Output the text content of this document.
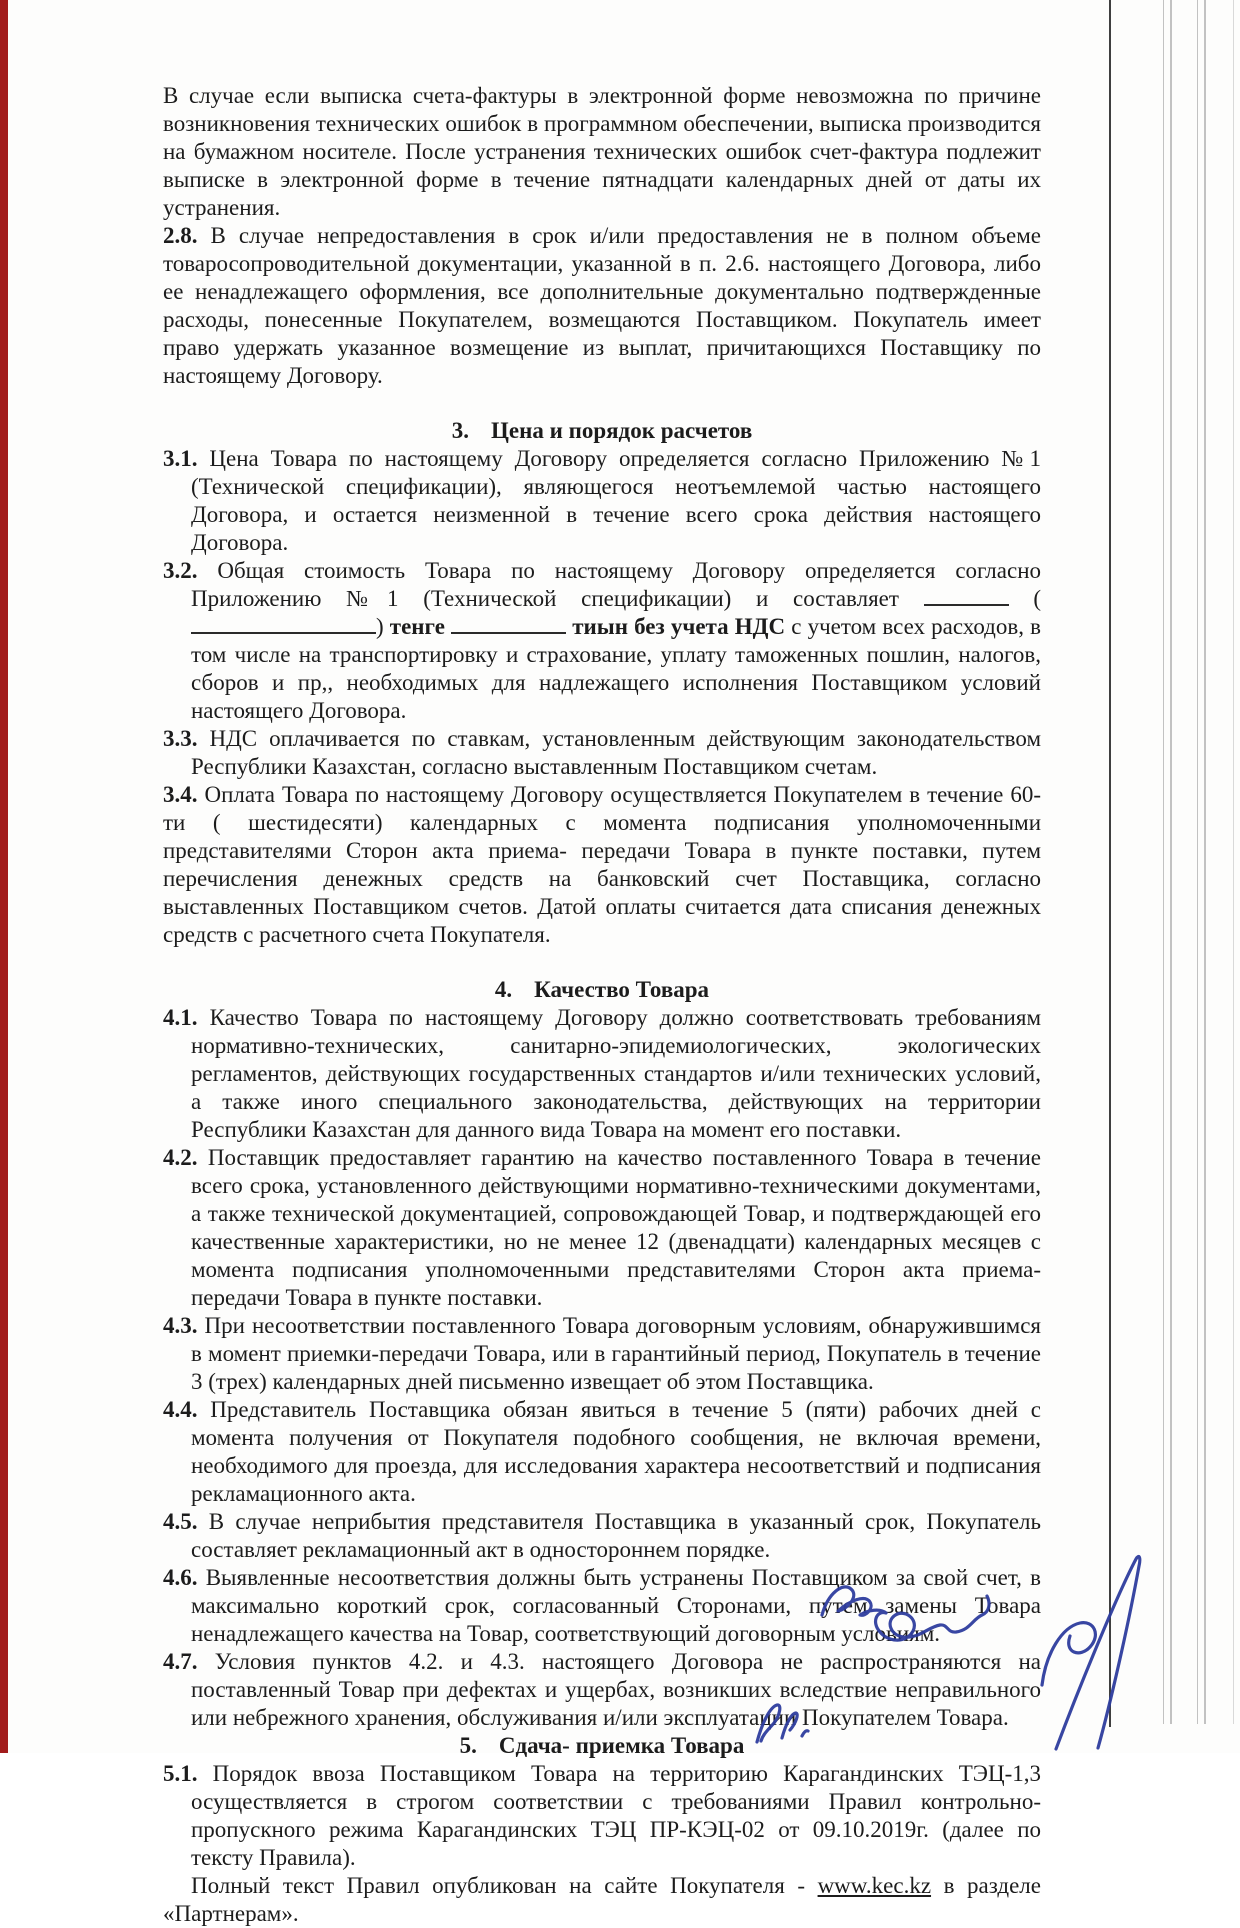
В случае если выписка счета-фактуры в электронной форме невозможна по причине возникновения технических ошибок в программном обеспечении, выписка производится на бумажном носителе. После устранения технических ошибок счет-фактура подлежит выписке в электронной форме в течение пятнадцати календарных дней от даты их устранения.

2.8. В случае непредоставления в срок и/или предоставления не в полном объеме товаросопроводительной документации, указанной в п. 2.6. настоящего Договора, либо ее ненадлежащего оформления, все дополнительные документально подтвержденные расходы, понесенные Покупателем, возмещаются Поставщиком. Покупатель имеет право удержать указанное возмещение из выплат, причитающихся Поставщику по настоящему Договору.

3. Цена и порядок расчетов

3.1. Цена Товара по настоящему Договору определяется согласно Приложению №1 (Технической спецификации), являющегося неотъемлемой частью настоящего Договора, и остается неизменной в течение всего срока действия настоящего Договора.

3.2. Общая стоимость Товара по настоящему Договору определяется согласно Приложению №1 (Технической спецификации) и составляет	() тенге	тиын без учета НДС с учетом всех расходов, в том числе на транспортировку и страхование, уплату таможенных пошлин, налогов, сборов и пр,, необходимых для надлежащего исполнения Поставщиком условий настоящего Договора.

3.3. НДС оплачивается по ставкам, установленным действующим законодательством Республики Казахстан, согласно выставленным Поставщиком счетам.

3.4. Оплата Товара по настоящему Договору осуществляется Покупателем в течение 60-ти ( шестидесяти) календарных с момента подписания уполномоченными представителями Сторон акта приема- передачи Товара в пункте поставки, путем перечисления денежных средств на банковский счет Поставщика, согласно выставленных Поставщиком счетов. Датой оплаты считается дата списания денежных средств с расчетного счета Покупателя.

4. Качество Товара

4.1. Качество Товара по настоящему Договору должно соответствовать требованиям нормативно-технических, санитарно-эпидемиологических, экологических регламентов, действующих государственных стандартов и/или технических условий, а также иного специального законодательства, действующих на территории Республики Казахстан для данного вида Товара на момент его поставки.

4.2. Поставщик предоставляет гарантию на качество поставленного Товара в течение всего срока, установленного действующими нормативно-техническими документами, а также технической документацией, сопровождающей Товар, и подтверждающей его качественные характеристики, но не менее 12 (двенадцати) календарных месяцев с момента подписания уполномоченными представителями Сторон акта приема-передачи Товара в пункте поставки.

4.3. При несоответствии поставленного Товара договорным условиям, обнаружившимся в момент приемки-передачи Товара, или в гарантийный период, Покупатель в течение 3 (трех) календарных дней письменно извещает об этом Поставщика.

4.4. Представитель Поставщика обязан явиться в течение 5 (пяти) рабочих дней с момента получения от Покупателя подобного сообщения, не включая времени, необходимого для проезда, для исследования характера несоответствий и подписания рекламационного акта.

4.5. В случае неприбытия представителя Поставщика в указанный срок, Покупатель составляет рекламационный акт в одностороннем порядке.

4.6. Выявленные несоответствия должны быть устранены Поставщиком за свой счет, в максимально короткий срок, согласованный Сторонами, путем замены Товара ненадлежащего качества на Товар, соответствующий договорным условиям.

4.7. Условия пунктов 4.2. и 4.3. настоящего Договора не распространяются на поставленный Товар при дефектах и ущербах, возникших вследствие неправильного или небрежного хранения, обслуживания и/или эксплуатации Покупателем Товара.

5. Сдача- приемка Товара

5.1. Порядок ввоза Поставщиком Товара на территорию Карагандинских ТЭЦ-1,3 осуществляется в строгом соответствии с требованиями Правил контрольно-пропускного режима Карагандинских ТЭЦ ПР-КЭЦ-02 от 09.10.2019г. (далее по тексту Правила).

Полный текст Правил опубликован на сайте Покупателя - www.kec.kz в разделе «Партнерам».
